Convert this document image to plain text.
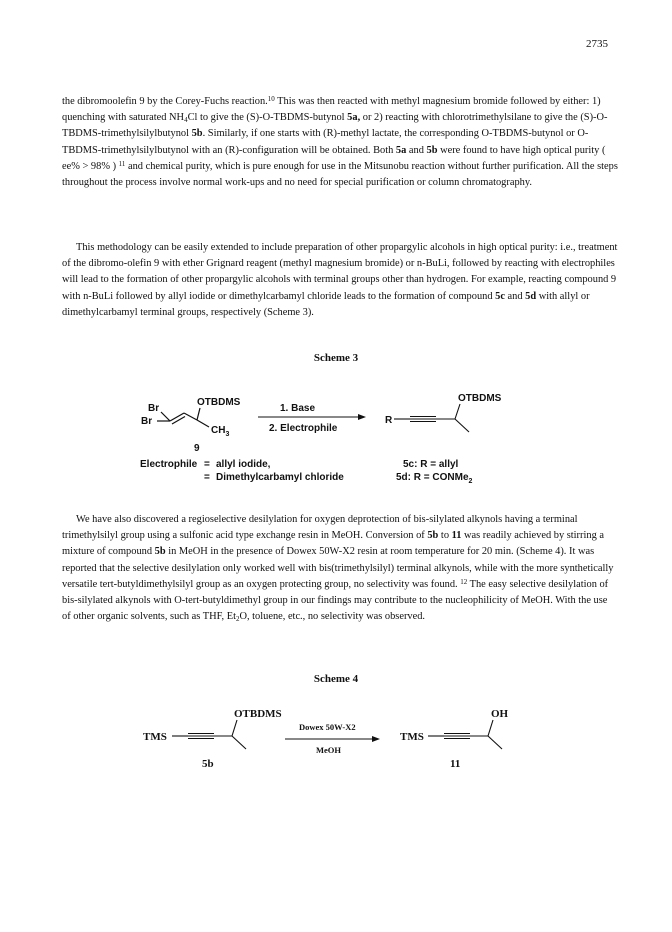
2735
the dibromoolefin 9 by the Corey-Fuchs reaction.$^{10}$ This was then reacted with methyl magnesium bromide followed by either: 1) quenching with saturated $NH_4Cl$ to give the (S)-O-TBDMS-butynol 5a, or 2) reacting with chlorotrimethylsilane to give the (S)-O-TBDMS-trimethylsilylbutynol 5b. Similarly, if one starts with (R)-methyl lactate, the corresponding O-TBDMS-butynol or O-TBDMS-trimethylsilylbutynol with an (R)-configuration will be obtained. Both 5a and 5b were found to have high optical purity ( ee% > 98% ) $^{11}$ and chemical purity, which is pure enough for use in the Mitsunobu reaction without further purification. All the steps throughout the process involve normal work-ups and no need for special purification or column chromatography.
This methodology can be easily extended to include preparation of other propargylic alcohols in high optical purity: i.e., treatment of the dibromo-olefin 9 with ether Grignard reagent (methyl magnesium bromide) or n-BuLi, followed by reacting with electrophiles will lead to the formation of other propargylic alcohols with terminal groups other than hydrogen. For example, reacting compound 9 with n-BuLi followed by allyl iodide or dimethylcarbamyl chloride leads to the formation of compound 5c and 5d with allyl or dimethylcarbamyl terminal groups, respectively (Scheme 3).
Scheme 3
Br
Br
OTBDMS
$CH_3$
9
1. Base
2. Electrophile
R
OTBDMS
Electrophile = allyl iodide,
= Dimethylcarbamyl chloride
5c: R = allyl
5d: R = CONMe$_2$
TMS
OTBDMS
5b
Dowex 50W-X2
MeOH
TMS
OH
11
We have also discovered a regioselective desilylation for oxygen deprotection of bis-silylated alkynols having a terminal trimethylsilyl group using a sulfonic acid type exchange resin in MeOH. Conversion of 5b to 11 was readily achieved by stirring a mixture of compound 5b in MeOH in the presence of Dowex 50W-X2 resin at room temperature for 20 min. (Scheme 4). It was reported that the selective desilylation only worked well with bis(trimethylsilyl) terminal alkynols, while with the more synthetically versatile tert-butyldimethylsilyl group as an oxygen protecting group, no selectivity was found. $^{12}$ The easy selective desilylation of bis-silylated alkynols with O-tert-butyldimethyl group in our findings may contribute to the nucleophilicity of MeOH. With the use of other organic solvents, such as THF, $Et_2O$, toluene, etc., no selectivity was observed.
Scheme 4
